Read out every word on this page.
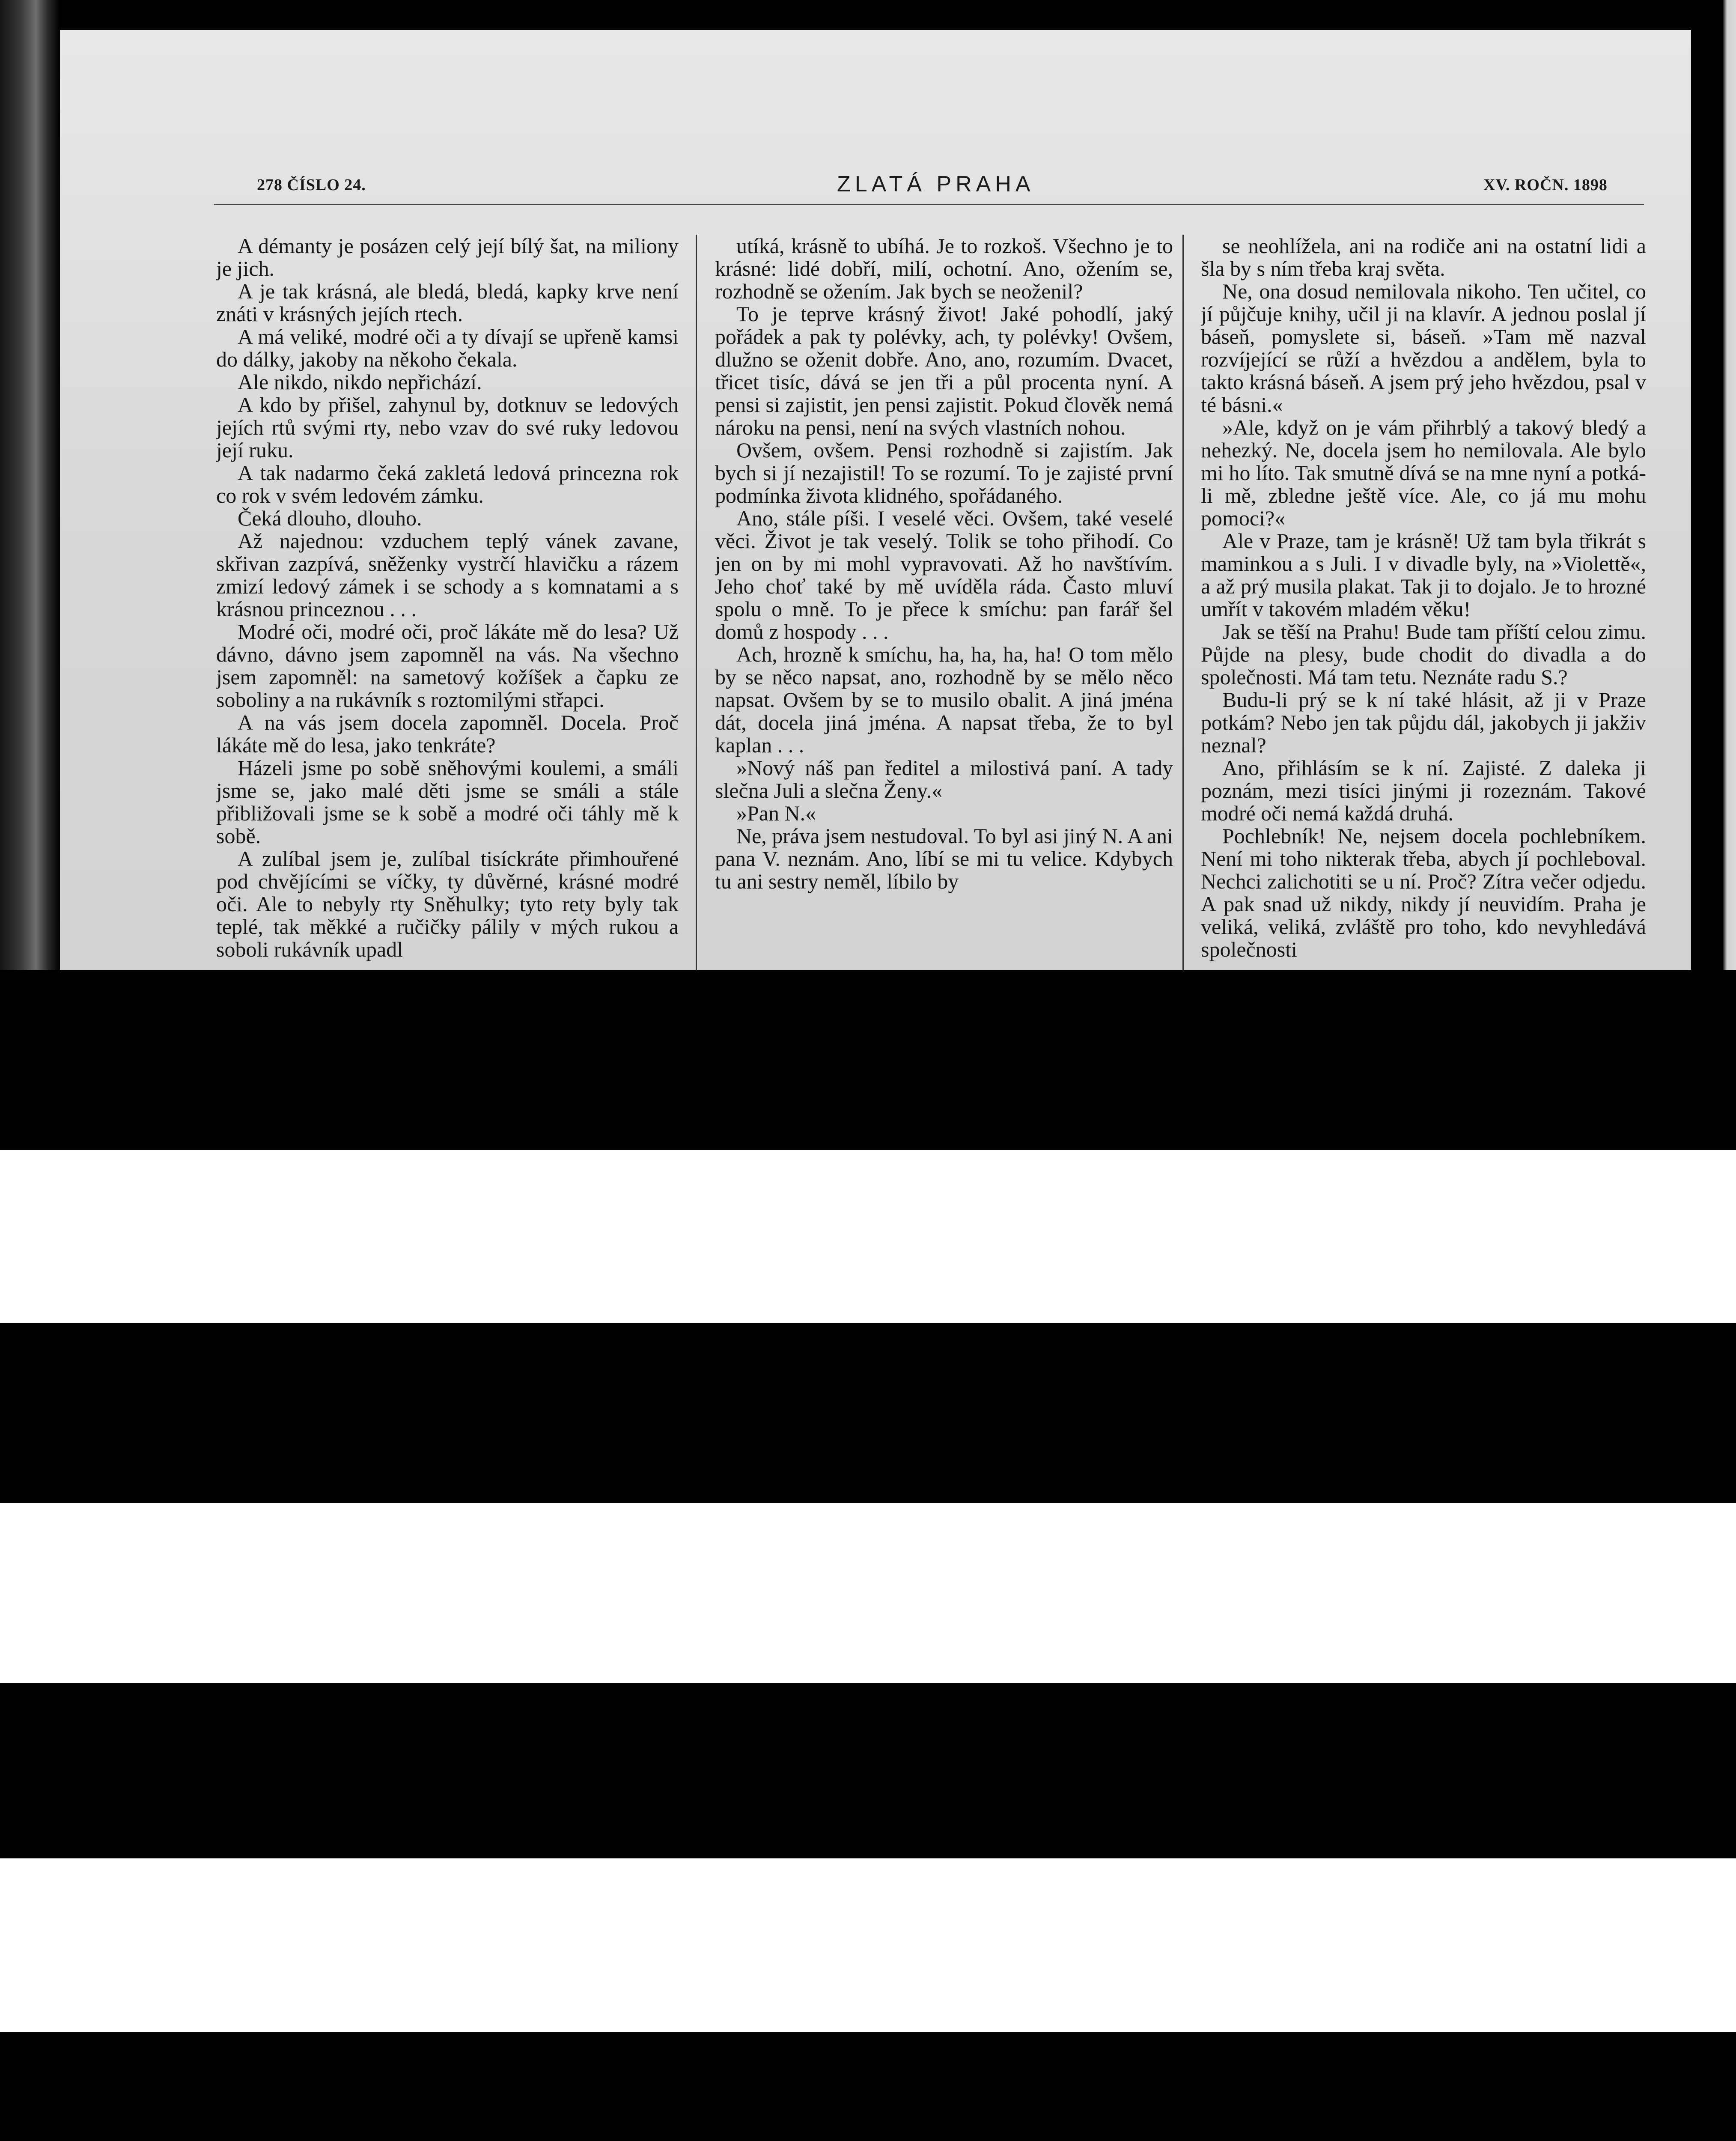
278 ČÍSLO 24.	ZLATÁ PRAHA	XV. ROČN. 1898

A démanty je posázen celý její bílý šat, na miliony je jich.

A je tak krásná, ale bledá, bledá, kapky krve není znáti v krásných jejích rtech.

A má veliké, modré oči a ty dívají se upřeně kamsi do dálky, jakoby na někoho čekala.

Ale nikdo, nikdo nepřichází.

A kdo by přišel, zahynul by, dotknuv se ledových jejích rtů svými rty, nebo vzav do své ruky ledovou její ruku.

A tak nadarmo čeká zakletá ledová princezna rok co rok v svém ledovém zámku.

Čeká dlouho, dlouho.

Až najednou: vzduchem teplý vánek zavane, skřivan zazpívá, sněženky vystrčí hlavičku a rázem zmizí ledový zámek i se schody a s komnatami a s krásnou princeznou . . .

Modré oči, modré oči, proč lákáte mě do lesa? Už dávno, dávno jsem zapomněl na vás. Na všechno jsem zapomněl: na sametový kožíšek a čapku ze soboliny a na rukávník s roztomilými střapci.

A na vás jsem docela zapomněl. Docela. Proč lákáte mě do lesa, jako tenkráte?

Házeli jsme po sobě sněhovými koulemi, a smáli jsme se, jako malé děti jsme se smáli a stále přibližovali jsme se k sobě a modré oči táhly mě k sobě.

A zulíbal jsem je, zulíbal tisíckráte přimhouřené pod chvějícími se víčky, ty důvěrné, krásné modré oči. Ale to nebyly rty Sněhulky; tyto rety byly tak teplé, tak měkké a ručičky pálily v mých rukou a soboli rukávník upadl

utíká, krásně to ubíhá. Je to rozkoš. Všechno je to krásné: lidé dobří, milí, ochotní. Ano, ožením se, rozhodně se ožením. Jak bych se neoženil?

To je teprve krásný život! Jaké pohodlí, jaký pořádek a pak ty polévky, ach, ty polévky! Ovšem, dlužno se oženit dobře. Ano, ano, rozumím. Dvacet, třicet tisíc, dává se jen tři a půl procenta nyní. A pensi si zajistit, jen pensi zajistit. Pokud člověk nemá nároku na pensi, není na svých vlastních nohou.

Ovšem, ovšem. Pensi rozhodně si zajistím. Jak bych si jí nezajistil! To se rozumí. To je zajisté první podmínka života klidného, spořádaného.

Ano, stále píši. I veselé věci. Ovšem, také veselé věci. Život je tak veselý. Tolik se toho přihodí. Co jen on by mi mohl vypravovati. Až ho navštívím. Jeho choť také by mě uvíděla ráda. Často mluví spolu o mně. To je přece k smíchu: pan farář šel domů z hospody . . .

Ach, hrozně k smíchu, ha, ha, ha, ha! O tom mělo by se něco napsat, ano, rozhodně by se mělo něco napsat. Ovšem by se to musilo obalit. A jiná jména dát, docela jiná jména. A napsat třeba, že to byl kaplan . . .

»Nový náš pan ředitel a milostivá paní. A tady slečna Juli a slečna Ženy.«

»Pan N.«

Ne, práva jsem nestudoval. To byl asi jiný N. A ani pana V. neznám. Ano, líbí se mi tu velice. Kdybych tu ani sestry neměl, líbilo by

se neohlížela, ani na rodiče ani na ostatní lidi a šla by s ním třeba kraj světa.

Ne, ona dosud nemilovala nikoho. Ten učitel, co jí půjčuje knihy, učil ji na klavír. A jednou poslal jí báseň, pomyslete si, báseň. »Tam mě nazval rozvíjející se růží a hvězdou a andělem, byla to takto krásná báseň. A jsem prý jeho hvězdou, psal v té básni.«

»Ale, když on je vám přihrblý a takový bledý a nehezký. Ne, docela jsem ho nemilovala. Ale bylo mi ho líto. Tak smutně dívá se na mne nyní a potká-li mě, zbledne ještě více. Ale, co já mu mohu pomoci?«

Ale v Praze, tam je krásně! Už tam byla třikrát s maminkou a s Juli. I v divadle byly, na »Violettě«, a až prý musila plakat. Tak ji to dojalo. Je to hrozné umřít v takovém mladém věku!

Jak se těší na Prahu! Bude tam příští celou zimu. Půjde na plesy, bude chodit do divadla a do společnosti. Má tam tetu. Neznáte radu S.?

Budu-li prý se k ní také hlásit, až ji v Praze potkám? Nebo jen tak půjdu dál, jakobych ji jakživ neznal?

Ano, přihlásím se k ní. Zajisté. Z daleka ji poznám, mezi tisíci jinými ji rozeznám. Takové modré oči nemá každá druhá.

Pochlebník! Ne, nejsem docela pochlebníkem. Není mi toho nikterak třeba, abych jí pochleboval. Nechci zalichotiti se u ní. Proč? Zítra večer odjedu. A pak snad už nikdy, nikdy jí neuvidím. Praha je veliká, veliká, zvláště pro toho, kdo nevyhledává společnosti
